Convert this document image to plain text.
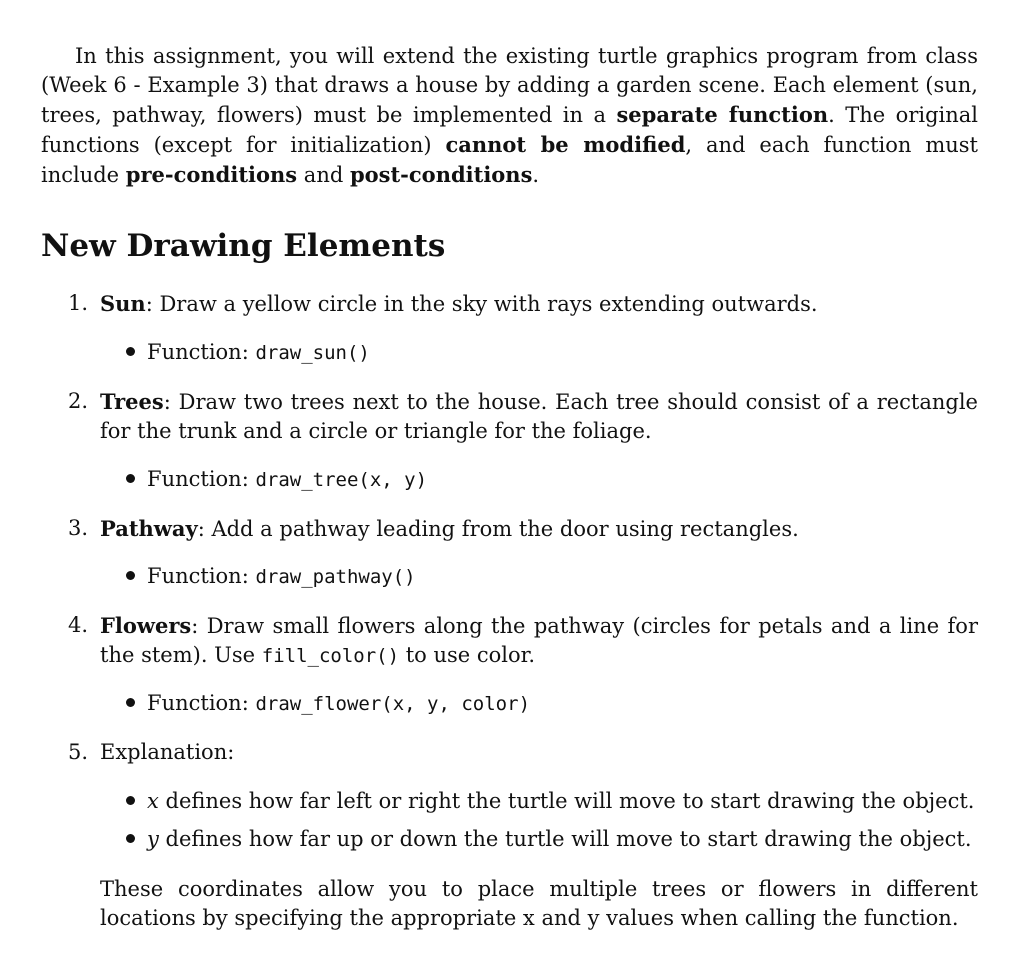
In this assignment, you will extend the existing turtle graphics program from class (Week 6 - Example 3) that draws a house by adding a garden scene. Each element (sun, trees, pathway, flowers) must be implemented in a separate function. The original functions (except for initialization) cannot be modified, and each function must include pre-conditions and post-conditions.

New Drawing Elements
1. Sun: Draw a yellow circle in the sky with rays extending outwards.
Function: draw_sun()
2. Trees: Draw two trees next to the house. Each tree should consist of a rectangle for the trunk and a circle or triangle for the foliage.
Function: draw_tree(x, y)
3. Pathway: Add a pathway leading from the door using rectangles.
Function: draw_pathway()
4. Flowers: Draw small flowers along the pathway (circles for petals and a line for the stem). Use fill_color() to use color.
Function: draw_flower(x, y, color)
5. Explanation:
x defines how far left or right the turtle will move to start drawing the object.
y defines how far up or down the turtle will move to start drawing the object.

These coordinates allow you to place multiple trees or flowers in different locations by specifying the appropriate x and y values when calling the function.
